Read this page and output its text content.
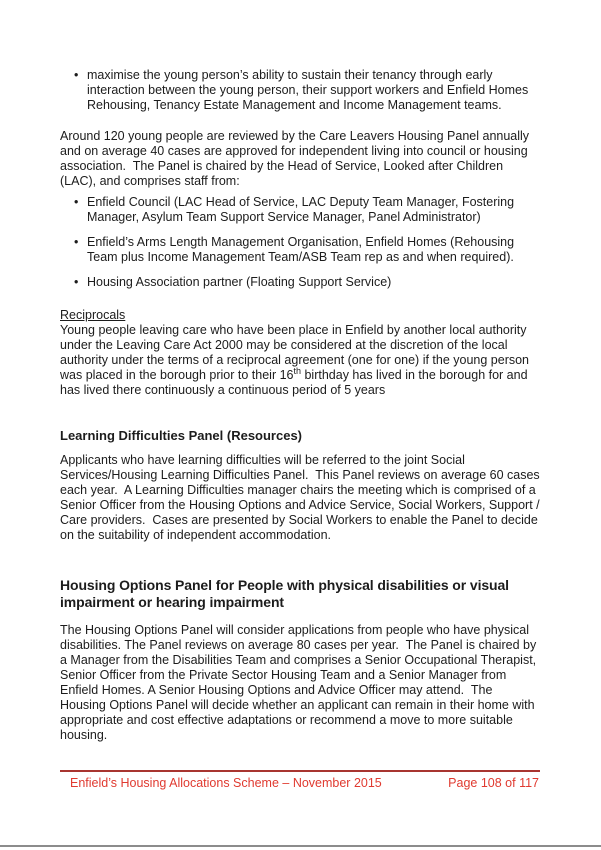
• maximise the young person’s ability to sustain their tenancy through early interaction between the young person, their support workers and Enfield Homes Rehousing, Tenancy Estate Management and Income Management teams.

Around 120 young people are reviewed by the Care Leavers Housing Panel annually and on average 40 cases are approved for independent living into council or housing association.  The Panel is chaired by the Head of Service, Looked after Children (LAC), and comprises staff from:

• Enfield Council (LAC Head of Service, LAC Deputy Team Manager, Fostering Manager, Asylum Team Support Service Manager, Panel Administrator)
• Enfield’s Arms Length Management Organisation, Enfield Homes (Rehousing Team plus Income Management Team/ASB Team rep as and when required).
• Housing Association partner (Floating Support Service)
Reciprocals

Young people leaving care who have been place in Enfield by another local authority under the Leaving Care Act 2000 may be considered at the discretion of the local authority under the terms of a reciprocal agreement (one for one) if the young person was placed in the borough prior to their 16th birthday has lived in the borough for and has lived there continuously a continuous period of 5 years

Learning Difficulties Panel (Resources)

Applicants who have learning difficulties will be referred to the joint Social Services/Housing Learning Difficulties Panel.  This Panel reviews on average 60 cases each year.  A Learning Difficulties manager chairs the meeting which is comprised of a Senior Officer from the Housing Options and Advice Service, Social Workers, Support / Care providers.  Cases are presented by Social Workers to enable the Panel to decide on the suitability of independent accommodation.

Housing Options Panel for People with physical disabilities or visual impairment or hearing impairment

The Housing Options Panel will consider applications from people who have physical disabilities. The Panel reviews on average 80 cases per year.  The Panel is chaired by a Manager from the Disabilities Team and comprises a Senior Occupational Therapist, Senior Officer from the Private Sector Housing Team and a Senior Manager from Enfield Homes. A Senior Housing Options and Advice Officer may attend.  The Housing Options Panel will decide whether an applicant can remain in their home with appropriate and cost effective adaptations or recommend a move to more suitable housing.

Enfield’s Housing Allocations Scheme – November 2015	Page 108 of 117
